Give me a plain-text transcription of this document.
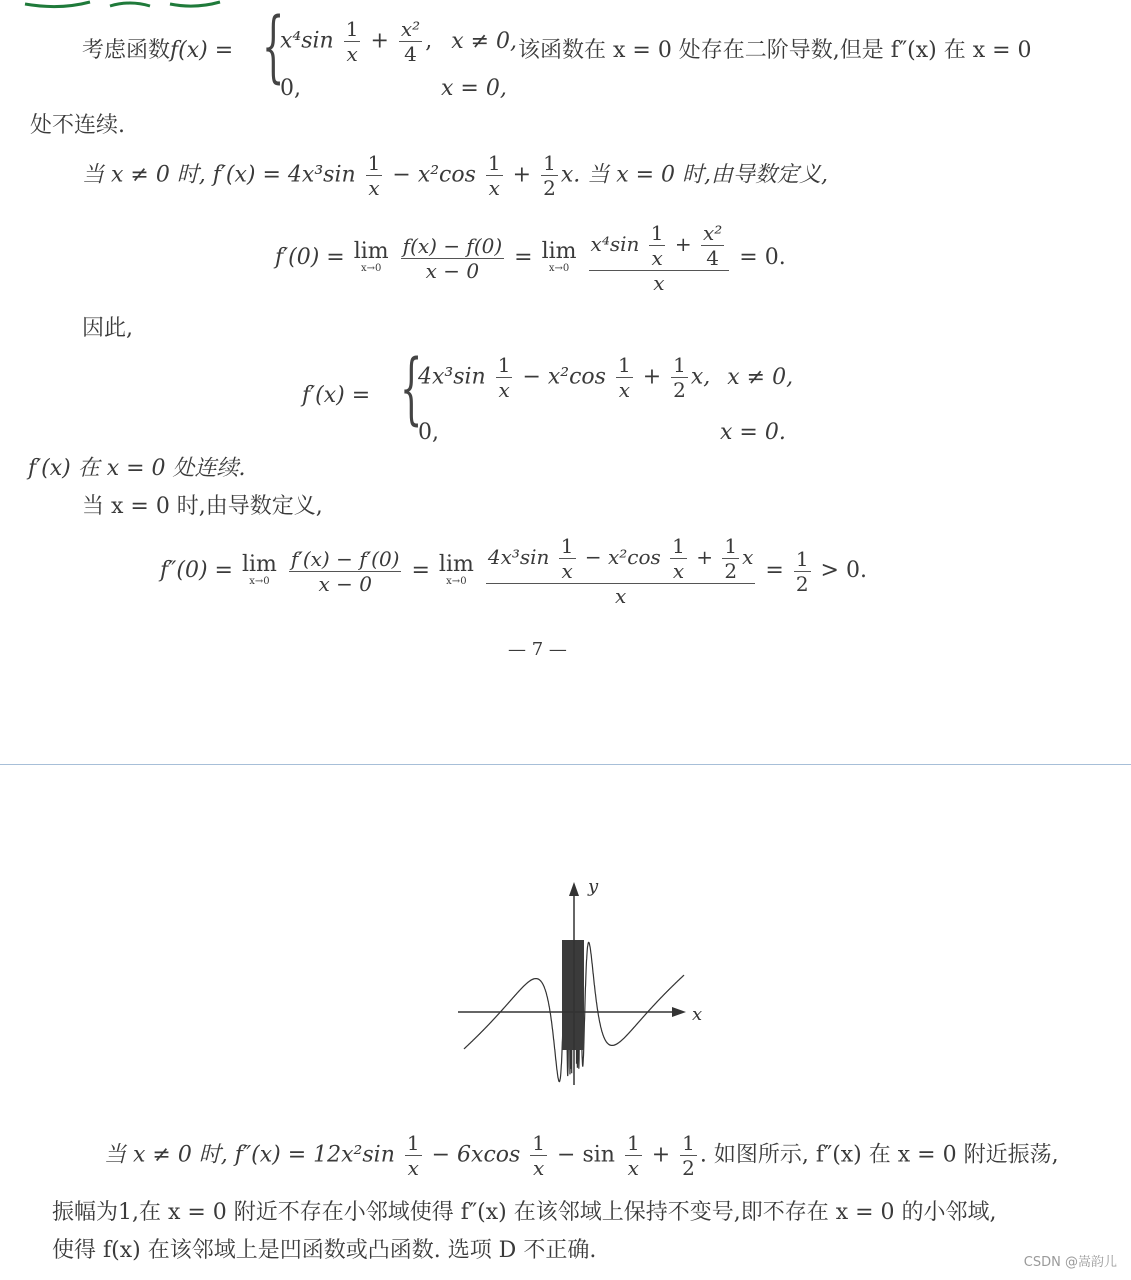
考虑函数f(x) = {
$x^4\sin \frac{1}{x} + \frac{\text{x²}}{4}$ , x ≠ 0,
0,	x = 0,
该函数在 x = 0 处存在二阶导数,但是 f″(x) 在 x = 0
处不连续.
当 x ≠ 0 时, $f'(x) = 4x^3\sin \frac{1}{x} - x^2\cos \frac{1}{x} + \frac{1}{2} x$. 当 x = 0 时,由导数定义,
f′(0) = lim
x→0
$\frac{f(x) - f(0)}{x - 0} = \lim$
x→0
$\frac{x^4\sin \frac{1}{x} + \frac{\text{x²}}{4}}{x} = 0$.
因此,
f′(x) = {
$4x^3\sin \frac{1}{x} - x^2\cos \frac{1}{x} + \frac{1}{2} x$, x ≠ 0,
0,	x = 0.
f′(x) 在 x = 0 处连续.
当 x = 0 时,由导数定义,
f″(0) = lim
x→0
$\frac{f'(x) - f'(0)}{x - 0} = \lim$
x→0
$\frac{4x^3\sin \frac{1}{x} - x^2\cos \frac{1}{x} + \frac{1}{2} x}{x} = \frac{1}{2} > 0$.
— 7 —
y
x
当 x ≠ 0 时, $f''(x) = 12x^2\sin \frac{1}{x} - 6xcos \frac{1}{x} - \sin \frac{1}{x} + \frac{1}{2}$ . 如图所示, f″(x) 在 x = 0 附近振荡,
振幅为1,在 x = 0 附近不存在小邻域使得 f″(x) 在该邻域上保持不变号,即不存在 x = 0 的小邻域,
使得 f(x) 在该邻域上是凹函数或凸函数. 选项 D 不正确.	CSDN @嵩韵儿
